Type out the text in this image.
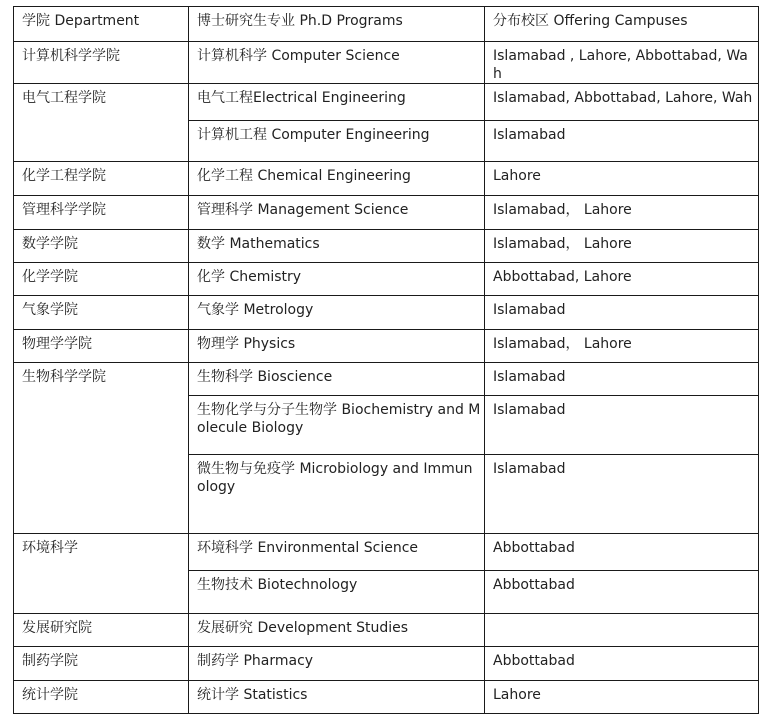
学院 Department	博士研究生专业 Ph.D Programs	分布校区 Offering Campuses
计算机科学学院	计算机科学 Computer Science	Islamabad , Lahore, Abbottabad, Wah
电气工程学院	电气工程Electrical Engineering	Islamabad, Abbottabad, Lahore, Wah
	计算机工程 Computer Engineering	Islamabad
化学工程学院	化学工程 Chemical Engineering	Lahore
管理科学学院	管理科学 Management Science	Islamabad， Lahore
数学学院	数学 Mathematics	Islamabad， Lahore
化学学院	化学 Chemistry	Abbottabad, Lahore
气象学院	气象学 Metrology	Islamabad
物理学学院	物理学 Physics	Islamabad， Lahore
生物科学学院	生物科学 Bioscience	Islamabad
	生物化学与分子生物学 Biochemistry and Molecule Biology	Islamabad
	微生物与免疫学 Microbiology and Immunology	Islamabad
环境科学	环境科学 Environmental Science	Abbottabad
	生物技术 Biotechnology	Abbottabad
发展研究院	发展研究 Development Studies	
制药学院	制药学 Pharmacy	Abbottabad
统计学院	统计学 Statistics	Lahore
